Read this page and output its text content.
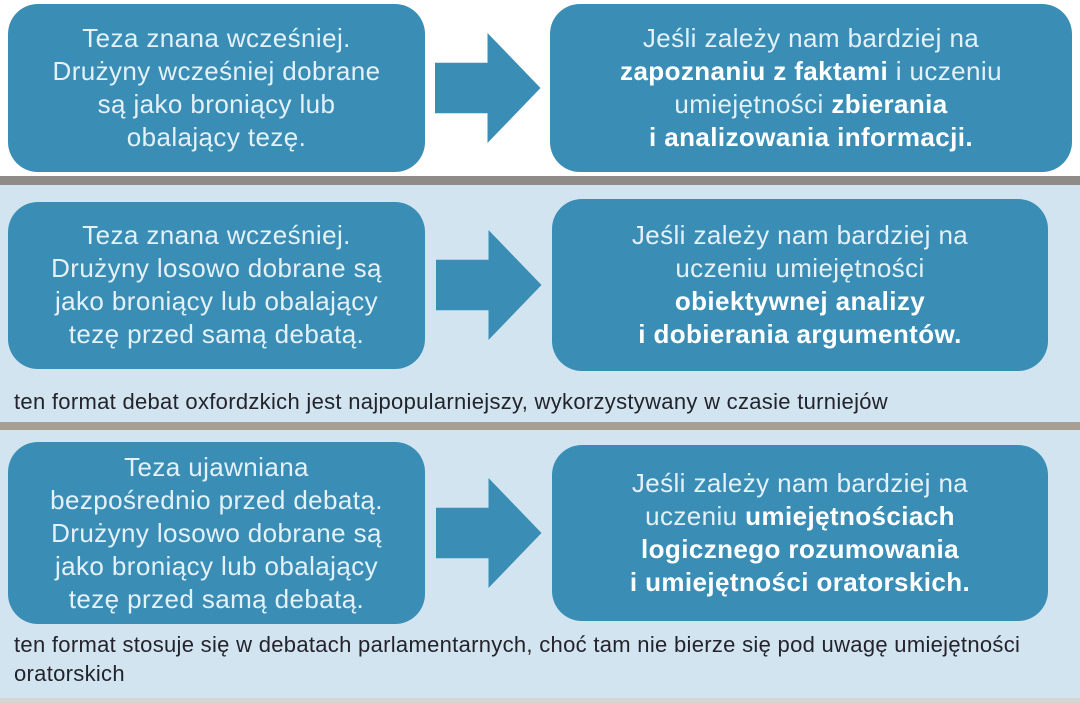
Teza znana wcześniej.
Drużyny wcześniej dobrane
są jako broniący lub
obalający tezę.
Jeśli zależy nam bardziej na
zapoznaniu z faktami i uczeniu
umiejętności zbierania
i analizowania informacji.
Teza znana wcześniej.
Drużyny losowo dobrane są
jako broniący lub obalający
tezę przed samą debatą.
Jeśli zależy nam bardziej na
uczeniu umiejętności
obiektywnej analizy
i dobierania argumentów.
ten format debat oxfordzkich jest najpopularniejszy, wykorzystywany w czasie turniejów
Teza ujawniana
bezpośrednio przed debatą.
Drużyny losowo dobrane są
jako broniący lub obalający
tezę przed samą debatą.
Jeśli zależy nam bardziej na
uczeniu umiejętnościach
logicznego rozumowania
i umiejętności oratorskich.
ten format stosuje się w debatach parlamentarnych, choć tam nie bierze się pod uwagę umiejętności oratorskich
